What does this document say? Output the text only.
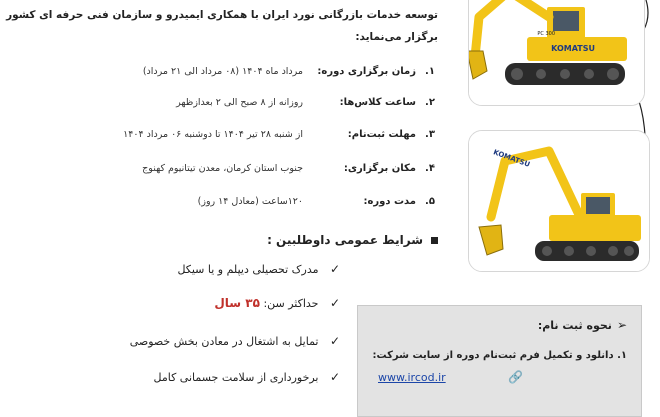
توسعه خدمات بازرگانی نورد ایران با همکاری ایمیدرو و سازمان فنی حرفه ای کشور برگزار می‌نماید:
۱.
زمان برگزاری دوره:
مرداد ماه ۱۴۰۴ (۰۸ مرداد الی ۲۱ مرداد)
۲.
ساعت کلاس‌ها:
روزانه از ۸ صبح الی ۲ بعدازظهر
۳.
مهلت ثبت‌نام:
از شنبه ۲۸ تیر ۱۴۰۴ تا دوشنبه ۰۶ مرداد ۱۴۰۴
۴.
مکان برگزاری:
جنوب استان کرمان، معدن تیتانیوم کهنوج
۵.
مدت دوره:
۱۲۰ساعت (معادل ۱۴ روز)
شرایط عمومی داوطلبین :
✓ مدرک تحصیلی دیپلم و یا سیکل
✓ حداکثر سن: ۳۵ سال
✓ تمایل به اشتغال در معادن بخش خصوصی
✓ برخورداری از سلامت جسمانی کامل
➢نحوه ثبت نام:
۱. دانلود و تکمیل فرم ثبت‌نام دوره از سایت شرکت:
🔗
www.ircod.ir
KOMATSU
PC 300
KOMATSU
